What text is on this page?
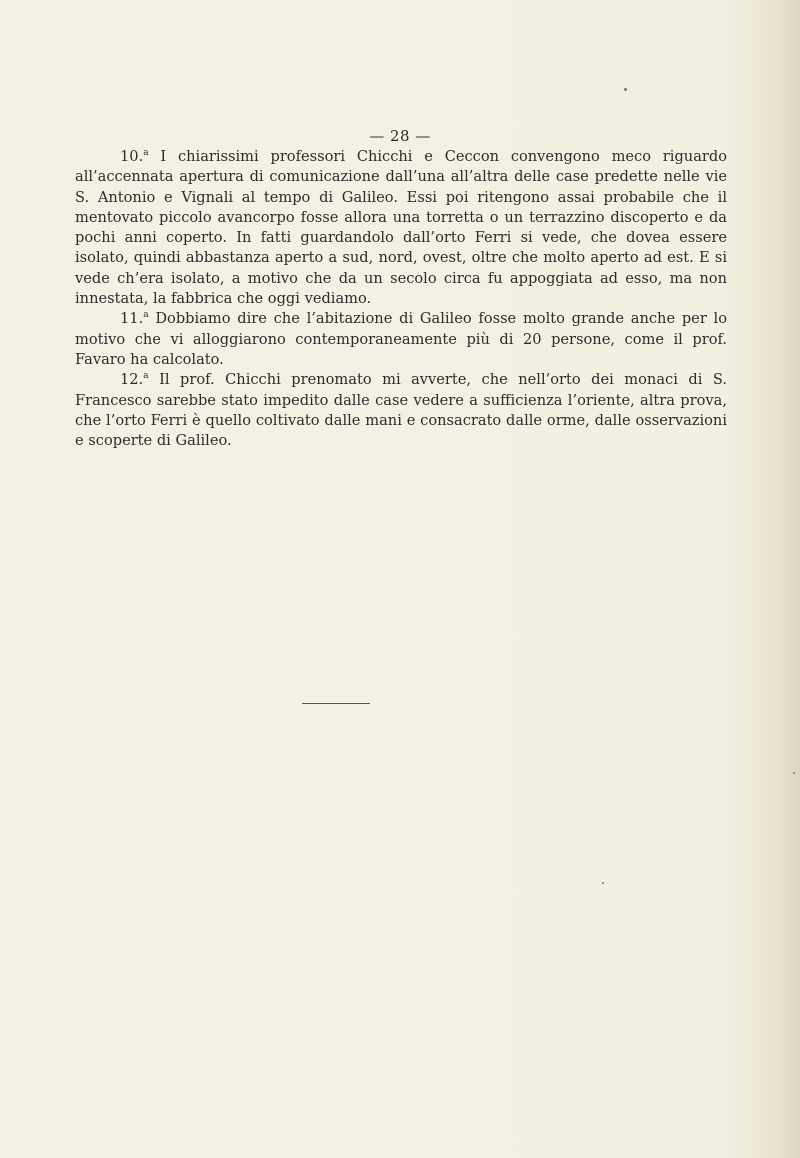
— 28 —

10.$^a$ I chiarissimi professori Chicchi e Ceccon convengono meco riguardo all’accennata apertura di comunicazione dall’una all’altra delle case predette nelle vie S. Antonio e Vignali al tempo di Galileo. Essi poi ritengono assai probabile che il mentovato piccolo avancorpo fosse allora una torretta o un terrazzino discoperto e da pochi anni coperto. In fatti guardandolo dall’orto Ferri si vede, che dovea essere isolato, quindi abbastanza aperto a sud, nord, ovest, oltre che molto aperto ad est. E si vede ch’era isolato, a motivo che da un secolo circa fu appoggiata ad esso, ma non innestata, la fabbrica che oggi vediamo.

11.$^a$ Dobbiamo dire che l’abitazione di Galileo fosse molto grande anche per lo motivo che vi alloggiarono contemporaneamente più di 20 persone, come il prof. Favaro ha calcolato.

12.$^a$ Il prof. Chicchi prenomato mi avverte, che nell’orto dei monaci di S. Francesco sarebbe stato impedito dalle case vedere a sufficienza l’oriente, altra prova, che l’orto Ferri è quello coltivato dalle mani e consacrato dalle orme, dalle osservazioni e scoperte di Galileo.
